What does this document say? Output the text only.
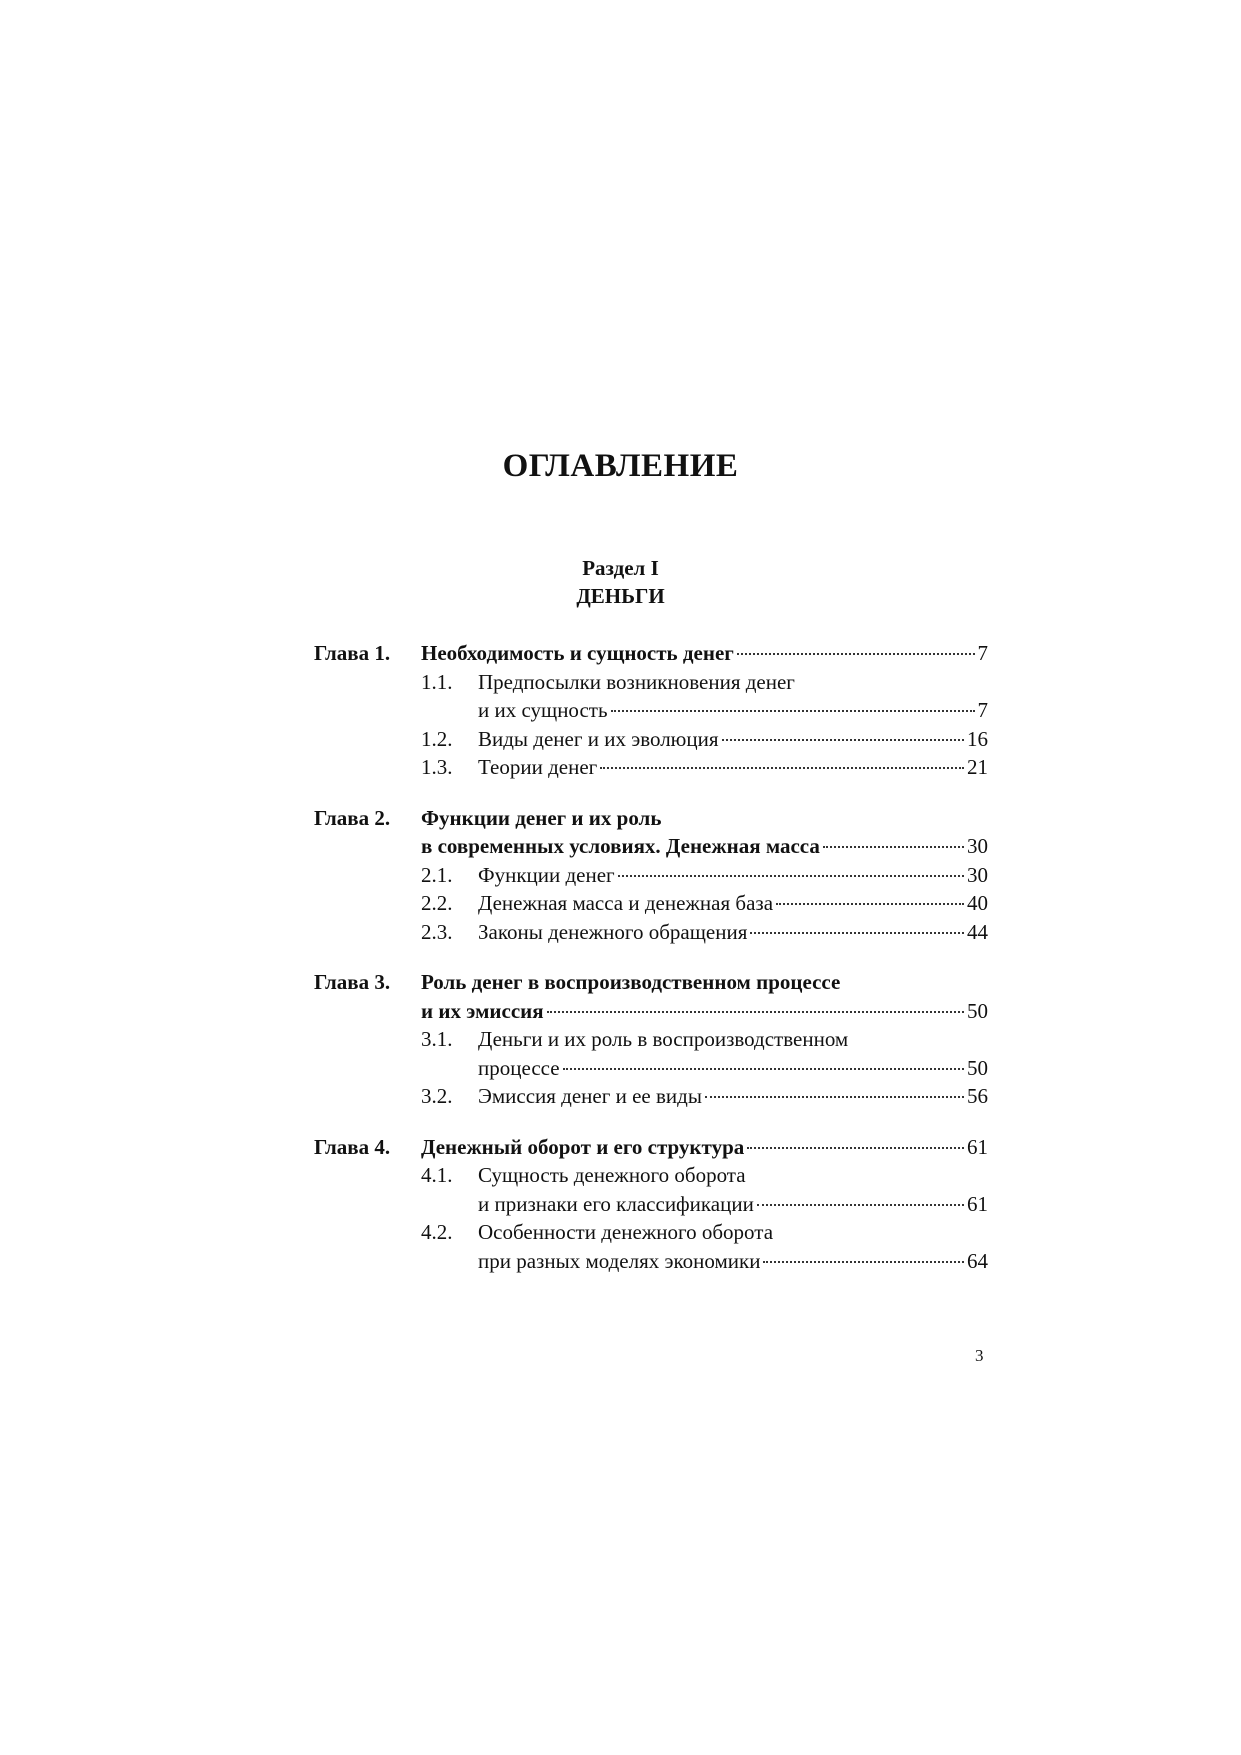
ОГЛАВЛЕНИЕ
Раздел I
ДЕНЬГИ
Глава 1.	Необходимость и сущность денег	7
1.1.	Предпосылки возникновения денег
и их сущность	7
1.2.	Виды денег и их эволюция	16
1.3.	Теории денег	21
Глава 2.	Функции денег и их роль
в современных условиях. Денежная масса	30
2.1.	Функции денег	30
2.2.	Денежная масса и денежная база	40
2.3.	Законы денежного обращения	44
Глава 3.	Роль денег в воспроизводственном процессе
и их эмиссия	50
3.1.	Деньги и их роль в воспроизводственном
процессе	50
3.2.	Эмиссия денег и ее виды	56
Глава 4.	Денежный оборот и его структура	61
4.1.	Сущность денежного оборота
и признаки его классификации	61
4.2.	Особенности денежного оборота
при разных моделях экономики	64
3
